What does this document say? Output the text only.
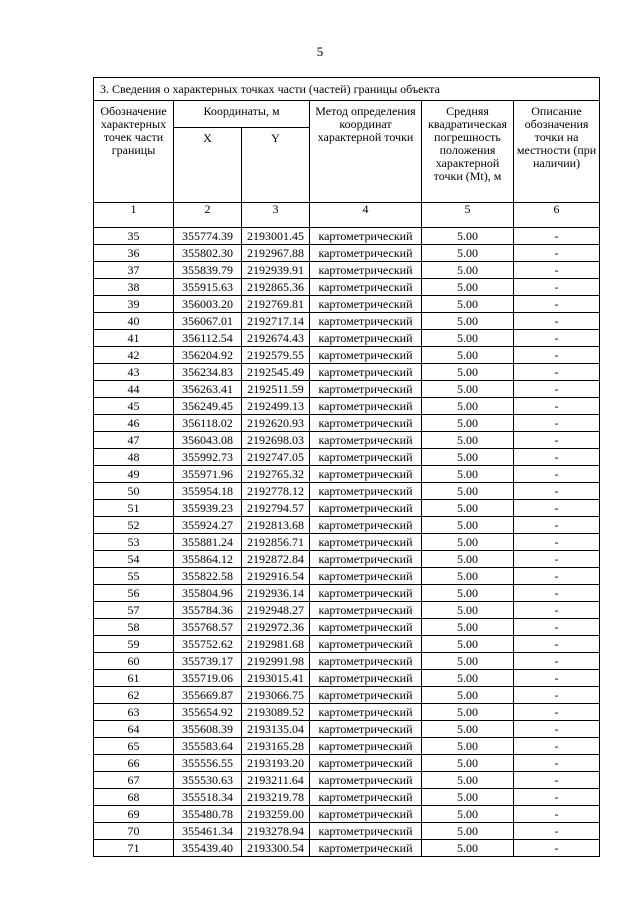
5
3. Сведения о характерных точках части (частей) границы объекта					
Обозначение характерных точек части границы	Координаты, м		Метод определения координат характерной точки	Средняя квадратическая погрешность положения характерной точки (Mt), м	Описание обозначения точки на местности (при наличии)
	X	Y			
1	2	3	4	5	6
35	355774.39	2193001.45	картометрический	5.00	-
36	355802.30	2192967.88	картометрический	5.00	-
37	355839.79	2192939.91	картометрический	5.00	-
38	355915.63	2192865.36	картометрический	5.00	-
39	356003.20	2192769.81	картометрический	5.00	-
40	356067.01	2192717.14	картометрический	5.00	-
41	356112.54	2192674.43	картометрический	5.00	-
42	356204.92	2192579.55	картометрический	5.00	-
43	356234.83	2192545.49	картометрический	5.00	-
44	356263.41	2192511.59	картометрический	5.00	-
45	356249.45	2192499.13	картометрический	5.00	-
46	356118.02	2192620.93	картометрический	5.00	-
47	356043.08	2192698.03	картометрический	5.00	-
48	355992.73	2192747.05	картометрический	5.00	-
49	355971.96	2192765.32	картометрический	5.00	-
50	355954.18	2192778.12	картометрический	5.00	-
51	355939.23	2192794.57	картометрический	5.00	-
52	355924.27	2192813.68	картометрический	5.00	-
53	355881.24	2192856.71	картометрический	5.00	-
54	355864.12	2192872.84	картометрический	5.00	-
55	355822.58	2192916.54	картометрический	5.00	-
56	355804.96	2192936.14	картометрический	5.00	-
57	355784.36	2192948.27	картометрический	5.00	-
58	355768.57	2192972.36	картометрический	5.00	-
59	355752.62	2192981.68	картометрический	5.00	-
60	355739.17	2192991.98	картометрический	5.00	-
61	355719.06	2193015.41	картометрический	5.00	-
62	355669.87	2193066.75	картометрический	5.00	-
63	355654.92	2193089.52	картометрический	5.00	-
64	355608.39	2193135.04	картометрический	5.00	-
65	355583.64	2193165.28	картометрический	5.00	-
66	355556.55	2193193.20	картометрический	5.00	-
67	355530.63	2193211.64	картометрический	5.00	-
68	355518.34	2193219.78	картометрический	5.00	-
69	355480.78	2193259.00	картометрический	5.00	-
70	355461.34	2193278.94	картометрический	5.00	-
71	355439.40	2193300.54	картометрический	5.00	-
